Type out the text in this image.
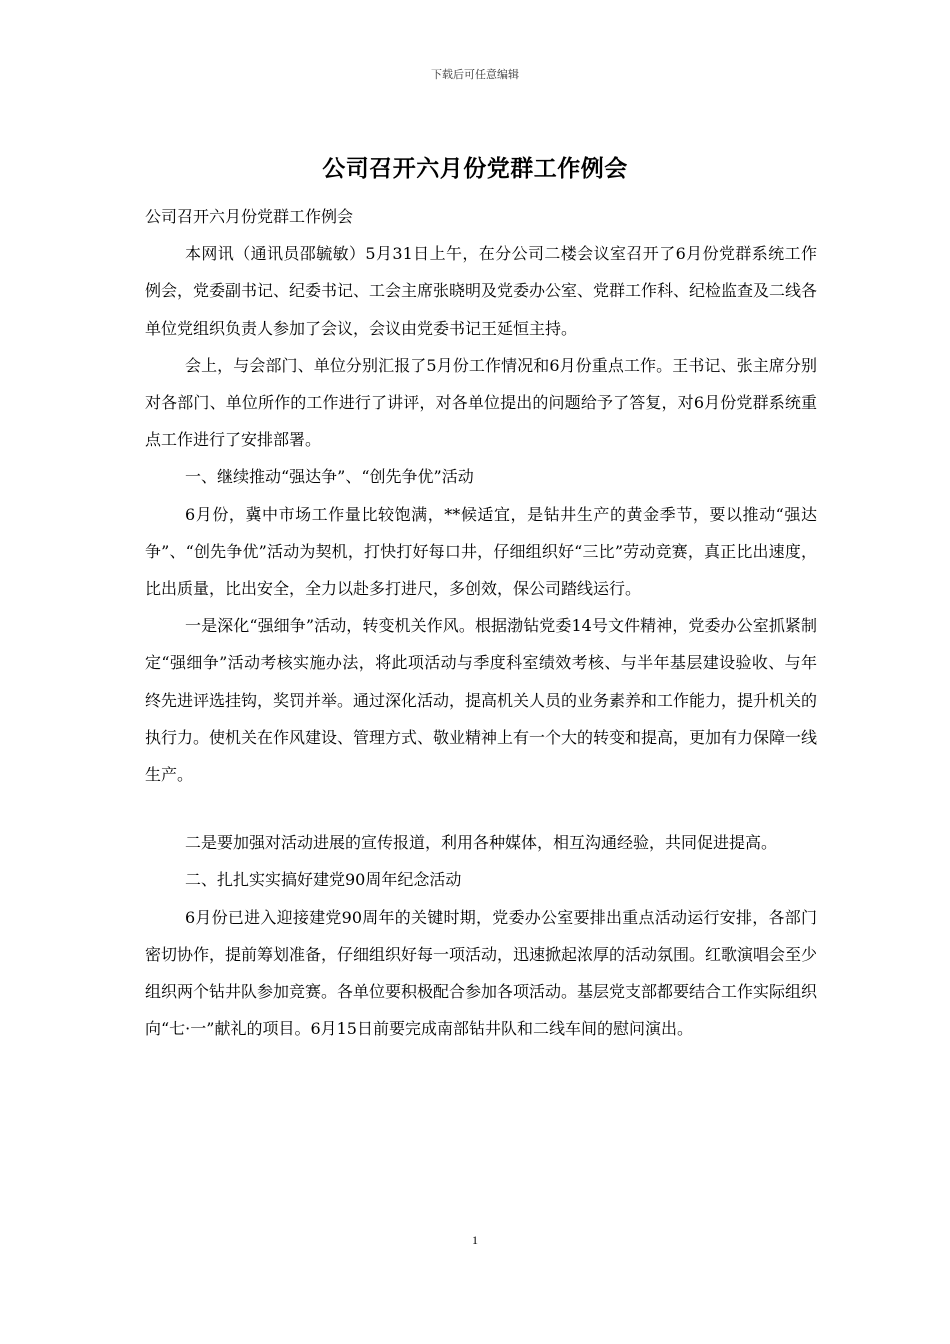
下载后可任意编辑
公司召开六月份党群工作例会

公司召开六月份党群工作例会

本网讯（通讯员邵毓敏）5月31日上午，在分公司二楼会议室召开了6月份党群系统工作例会，党委副书记、纪委书记、工会主席张晓明及党委办公室、党群工作科、纪检监查及二线各单位党组织负责人参加了会议，会议由党委书记王延恒主持。

会上，与会部门、单位分别汇报了5月份工作情况和6月份重点工作。王书记、张主席分别对各部门、单位所作的工作进行了讲评，对各单位提出的问题给予了答复，对6月份党群系统重点工作进行了安排部署。

一、继续推动“强达争”、“创先争优”活动

6月份，冀中市场工作量比较饱满，**候适宜，是钻井生产的黄金季节，要以推动“强达争”、“创先争优”活动为契机，打快打好每口井，仔细组织好“三比”劳动竞赛，真正比出速度，比出质量，比出安全，全力以赴多打进尺，多创效，保公司踏线运行。

一是深化“强细争”活动，转变机关作风。根据渤钻党委14号文件精神，党委办公室抓紧制定“强细争”活动考核实施办法，将此项活动与季度科室绩效考核、与半年基层建设验收、与年终先进评选挂钩，奖罚并举。通过深化活动，提高机关人员的业务素养和工作能力，提升机关的执行力。使机关在作风建设、管理方式、敬业精神上有一个大的转变和提高，更加有力保障一线生产。

二是要加强对活动进展的宣传报道，利用各种媒体，相互沟通经验，共同促进提高。

二、扎扎实实搞好建党90周年纪念活动

6月份已进入迎接建党90周年的关键时期，党委办公室要排出重点活动运行安排，各部门密切协作，提前筹划准备，仔细组织好每一项活动，迅速掀起浓厚的活动氛围。红歌演唱会至少组织两个钻井队参加竞赛。各单位要积极配合参加各项活动。基层党支部都要结合工作实际组织向“七·一”献礼的项目。6月15日前要完成南部钻井队和二线车间的慰问演出。

1
